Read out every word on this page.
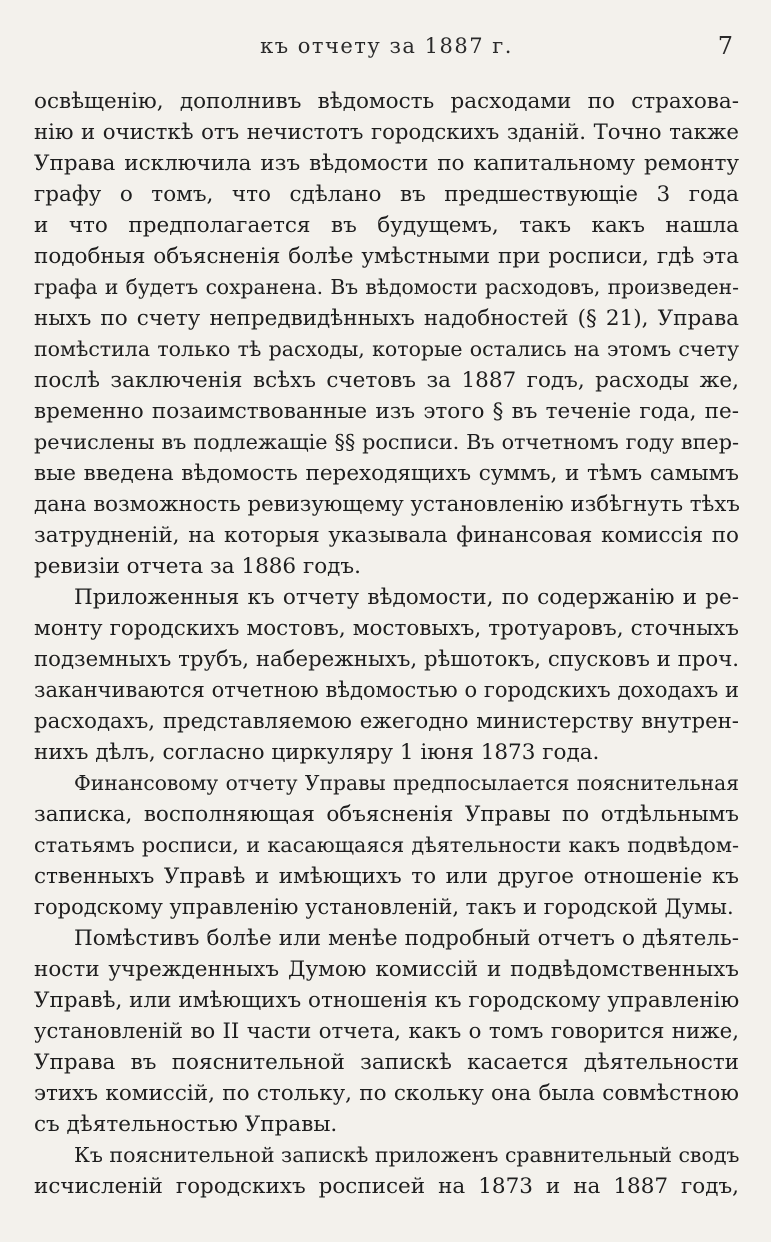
къ отчету за 1887 г.	7
освѣщенію, дополнивъ вѣдомость расходами по страхова-
нію и очисткѣ отъ нечистотъ городскихъ зданій. Точно также
Управа исключила изъ вѣдомости по капитальному ремонту
графу о томъ, что сдѣлано въ предшествующіе 3 года
и что предполагается въ будущемъ, такъ какъ нашла
подобныя объясненія болѣе умѣстными при росписи, гдѣ эта
графа и будетъ сохранена. Въ вѣдомости расходовъ, произведен-
ныхъ по счету непредвидѣнныхъ надобностей (§ 21), Управа
помѣстила только тѣ расходы, которые остались на этомъ счету
послѣ заключенія всѣхъ счетовъ за 1887 годъ, расходы же,
временно позаимствованные изъ этого § въ теченіе года, пе-
речислены въ подлежащіе §§ росписи. Въ отчетномъ году впер-
вые введена вѣдомость переходящихъ суммъ, и тѣмъ самымъ
дана возможность ревизующему установленію избѣгнуть тѣхъ
затрудненій, на которыя указывала финансовая комиссія по
ревизіи отчета за 1886 годъ.
Приложенныя къ отчету вѣдомости, по содержанію и ре-
монту городскихъ мостовъ, мостовыхъ, тротуаровъ, сточныхъ
подземныхъ трубъ, набережныхъ, рѣшотокъ, спусковъ и проч.
заканчиваются отчетною вѣдомостью о городскихъ доходахъ и
расходахъ, представляемою ежегодно министерству внутрен-
нихъ дѣлъ, согласно циркуляру 1 іюня 1873 года.
Финансовому отчету Управы предпосылается пояснительная
записка, восполняющая объясненія Управы по отдѣльнымъ
статьямъ росписи, и касающаяся дѣятельности какъ подвѣдом-
ственныхъ Управѣ и имѣющихъ то или другое отношеніе къ
городскому управленію установленій, такъ и городской Думы.
Помѣстивъ болѣе или менѣе подробный отчетъ о дѣятель-
ности учрежденныхъ Думою комиссій и подвѣдомственныхъ
Управѣ, или имѣющихъ отношенія къ городскому управленію
установленій во II части отчета, какъ о томъ говорится ниже,
Управа въ пояснительной запискѣ касается дѣятельности
этихъ комиссій, по стольку, по скольку она была совмѣстною
съ дѣятельностью Управы.
Къ пояснительной запискѣ приложенъ сравнительный сводъ
исчисленій городскихъ росписей на 1873 и на 1887 годъ,
